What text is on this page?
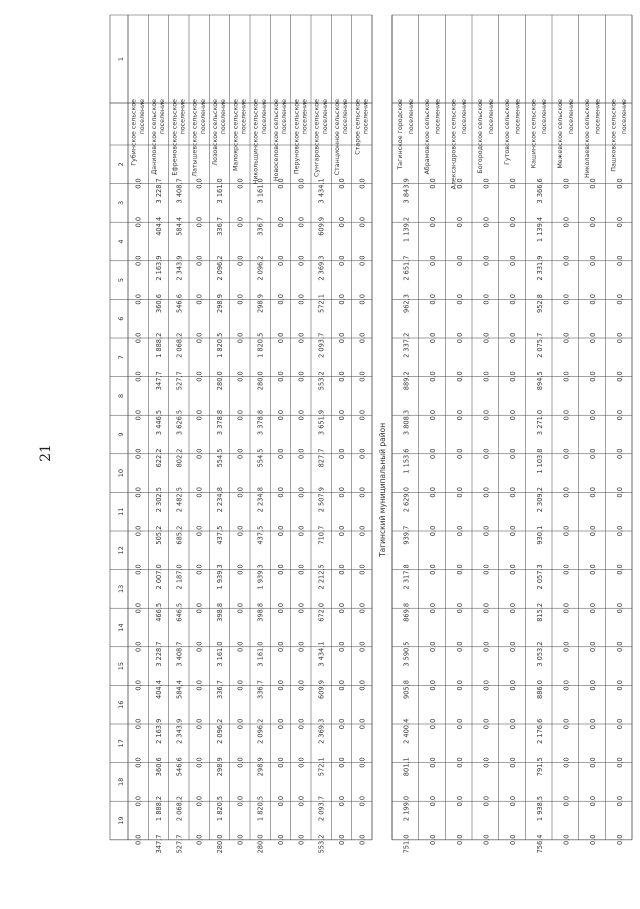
21
1
2
3
4
5
6
7
8
9
10
11
12
13
14
15
16
17
18
19
Губинское сельское поселение
0,0
0,0
0,0
0,0
0,0
0,0
0,0
0,0
0,0
0,0
0,0
0,0
0,0
0,0
0,0
0,0
0,0
0,0
Даниловское сельское поселение
3 228,7
404,4
2 163,9
360,6
1 888,2
347,7
3 446,5
622,2
2 302,5
505,2
2 007,0
466,5
3 228,7
404,4
2 163,9
360,6
1 888,2
347,7
Ефремовское сельское поселение
3 408,7
584,4
2 343,9
546,6
2 068,2
527,7
3 626,5
802,2
2 482,5
685,2
2 187,0
646,5
3 408,7
584,4
2 343,9
546,6
2 068,2
527,7
Латышевское сельское поселение
0,0
0,0
0,0
0,0
0,0
0,0
0,0
0,0
0,0
0,0
0,0
0,0
0,0
0,0
0,0
0,0
0,0
0,0
Лозовское сельское поселение
3 161,0
336,7
2 096,2
298,9
1 820,5
280,0
3 378,8
554,5
2 234,8
437,5
1 939,3
398,8
3 161,0
336,7
2 096,2
298,9
1 820,5
280,0
Малоярское сельское поселение
0,0
0,0
0,0
0,0
0,0
0,0
0,0
0,0
0,0
0,0
0,0
0,0
0,0
0,0
0,0
0,0
0,0
0,0
Никольщинское сельское поселение
3 161,0
336,7
2 096,2
298,9
1 820,5
280,0
3 378,8
554,5
2 234,8
437,5
1 939,3
398,8
3 161,0
336,7
2 096,2
298,9
1 820,5
280,0
Новоселовское сельское поселение
0,0
0,0
0,0
0,0
0,0
0,0
0,0
0,0
0,0
0,0
0,0
0,0
0,0
0,0
0,0
0,0
0,0
0,0
Перуновское сельское поселение
0,0
0,0
0,0
0,0
0,0
0,0
0,0
0,0
0,0
0,0
0,0
0,0
0,0
0,0
0,0
0,0
0,0
0,0
Сунгаровское сельское поселение
3 434,1
609,9
2 369,3
572,1
2 093,7
553,2
3 651,9
827,7
2 507,9
710,7
2 212,5
672,0
3 434,1
609,9
2 369,3
572,1
2 093,7
553,2
Станционное сельское поселение
0,0
0,0
0,0
0,0
0,0
0,0
0,0
0,0
0,0
0,0
0,0
0,0
0,0
0,0
0,0
0,0
0,0
0,0
Старое сельское поселение
0,0
0,0
0,0
0,0
0,0
0,0
0,0
0,0
0,0
0,0
0,0
0,0
0,0
0,0
0,0
0,0
0,0
0,0
Тагинское городское поселение
3 843,9
1 139,2
2 651,7
962,3
2 337,2
889,2
3 808,3
1 153,6
2 629,0
939,7
2 317,8
869,8
3 590,5
905,8
2 400,4
801,1
2 199,0
751,0
Абрамовское сельское поселение
0,0
0,0
0,0
0,0
0,0
0,0
0,0
0,0
0,0
0,0
0,0
0,0
0,0
0,0
0,0
0,0
0,0
0,0
Александровское сельское поселение
0,0
0,0
0,0
0,0
0,0
0,0
0,0
0,0
0,0
0,0
0,0
0,0
0,0
0,0
0,0
0,0
0,0
0,0
Богородское сельское поселение
0,0
0,0
0,0
0,0
0,0
0,0
0,0
0,0
0,0
0,0
0,0
0,0
0,0
0,0
0,0
0,0
0,0
0,0
Гутовское сельское поселение
0,0
0,0
0,0
0,0
0,0
0,0
0,0
0,0
0,0
0,0
0,0
0,0
0,0
0,0
0,0
0,0
0,0
0,0
Кашинское сельское поселение
3 366,6
1 139,4
2 331,9
952,8
2 075,7
894,5
3 271,0
1 103,8
2 309,2
930,1
2 057,3
815,2
3 053,2
886,0
2 176,6
791,5
1 938,5
756,4
Межевское сельское поселение
0,0
0,0
0,0
0,0
0,0
0,0
0,0
0,0
0,0
0,0
0,0
0,0
0,0
0,0
0,0
0,0
0,0
0,0
Николаевское сельское поселение
0,0
0,0
0,0
0,0
0,0
0,0
0,0
0,0
0,0
0,0
0,0
0,0
0,0
0,0
0,0
0,0
0,0
0,0
Пашковское сельское поселение
0,0
0,0
0,0
0,0
0,0
0,0
0,0
0,0
0,0
0,0
0,0
0,0
0,0
0,0
0,0
0,0
0,0
0,0
Тагинский муниципальный район
